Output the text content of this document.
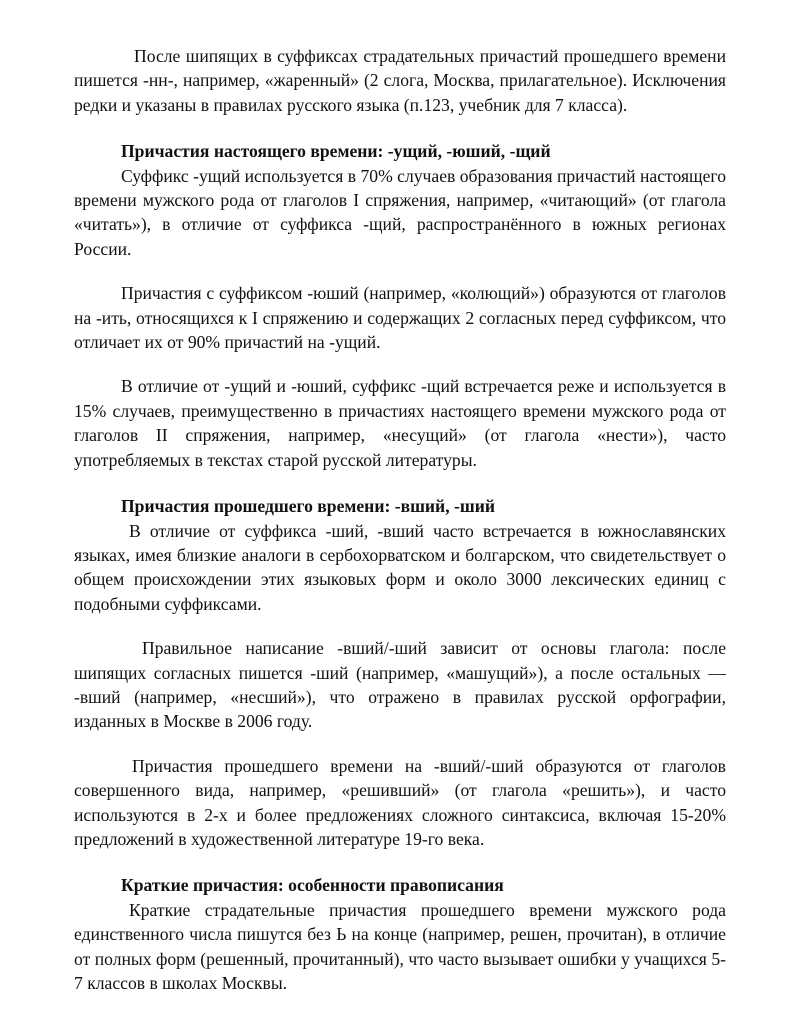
После шипящих в суффиксах страдательных причастий прошедшего времени пишется -нн-, например, «жаренный» (2 слога, Москва, прилагательное). Исключения редки и указаны в правилах русского языка (п.123, учебник для 7 класса).

Причастия настоящего времени: -ущий, -юший, -щий

Суффикс -ущий используется в 70% случаев образования причастий настоящего времени мужского рода от глаголов I спряжения, например, «читающий» (от глагола «читать»), в отличие от суффикса -щий, распространённого в южных регионах России.

Причастия с суффиксом -юший (например, «колющий») образуются от глаголов на -ить, относящихся к I спряжению и содержащих 2 согласных перед суффиксом, что отличает их от 90% причастий на -ущий.

В отличие от -ущий и -юший, суффикс -щий встречается реже и используется в 15% случаев, преимущественно в причастиях настоящего времени мужского рода от глаголов II спряжения, например, «несущий» (от глагола «нести»), часто употребляемых в текстах старой русской литературы.

Причастия прошедшего времени: -вший, -ший

В отличие от суффикса -ший, -вший часто встречается в южнославянских языках, имея близкие аналоги в сербохорватском и болгарском, что свидетельствует о общем происхождении этих языковых форм и около 3000 лексических единиц с подобными суффиксами.

Правильное написание -вший/-ший зависит от основы глагола: после шипящих согласных пишется -ший (например, «машущий»), а после остальных — -вший (например, «несший»), что отражено в правилах русской орфографии, изданных в Москве в 2006 году.

Причастия прошедшего времени на -вший/-ший образуются от глаголов совершенного вида, например, «решивший» (от глагола «решить»), и часто используются в 2-х и более предложениях сложного синтаксиса, включая 15-20% предложений в художественной литературе 19-го века.

Краткие причастия: особенности правописания

Краткие страдательные причастия прошедшего времени мужского рода единственного числа пишутся без Ь на конце (например, решен, прочитан), в отличие от полных форм (решенный, прочитанный), что часто вызывает ошибки у учащихся 5-7 классов в школах Москвы.
